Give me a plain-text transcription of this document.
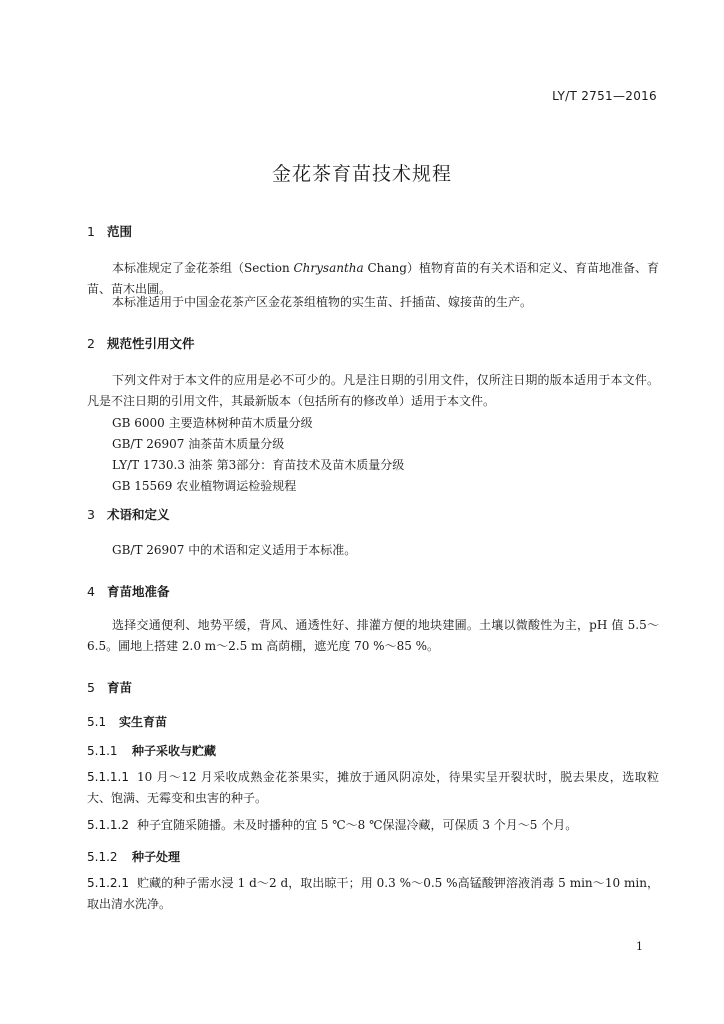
LY/T 2751—2016
金花茶育苗技术规程
1 范围
本标准规定了金花茶组（Section Chrysantha Chang）植物育苗的有关术语和定义、育苗地准备、育苗、苗木出圃。
本标准适用于中国金花茶产区金花茶组植物的实生苗、扦插苗、嫁接苗的生产。
2 规范性引用文件
下列文件对于本文件的应用是必不可少的。凡是注日期的引用文件，仅所注日期的版本适用于本文件。凡是不注日期的引用文件，其最新版本（包括所有的修改单）适用于本文件。
GB 6000 主要造林树种苗木质量分级
GB/T 26907 油茶苗木质量分级
LY/T 1730.3 油茶 第3部分：育苗技术及苗木质量分级
GB 15569 农业植物调运检验规程
3 术语和定义
GB/T 26907 中的术语和定义适用于本标准。
4 育苗地准备
选择交通便利、地势平缓，背风、通透性好、排灌方便的地块建圃。土壤以微酸性为主，pH 值 5.5～6.5。圃地上搭建 2.0 m～2.5 m 高荫棚，遮光度 70 %～85 %。
5 育苗
5.1 实生育苗
5.1.1 种子采收与贮藏
5.1.1.1 10 月～12 月采收成熟金花茶果实，摊放于通风阴凉处，待果实呈开裂状时，脱去果皮，选取粒大、饱满、无霉变和虫害的种子。
5.1.1.2 种子宜随采随播。未及时播种的宜 5 ℃～8 ℃保湿冷藏，可保质 3 个月～5 个月。
5.1.2 种子处理
5.1.2.1 贮藏的种子需水浸 1 d～2 d，取出晾干；用 0.3 %～0.5 %高锰酸钾溶液消毒 5 min～10 min，取出清水洗净。
1
